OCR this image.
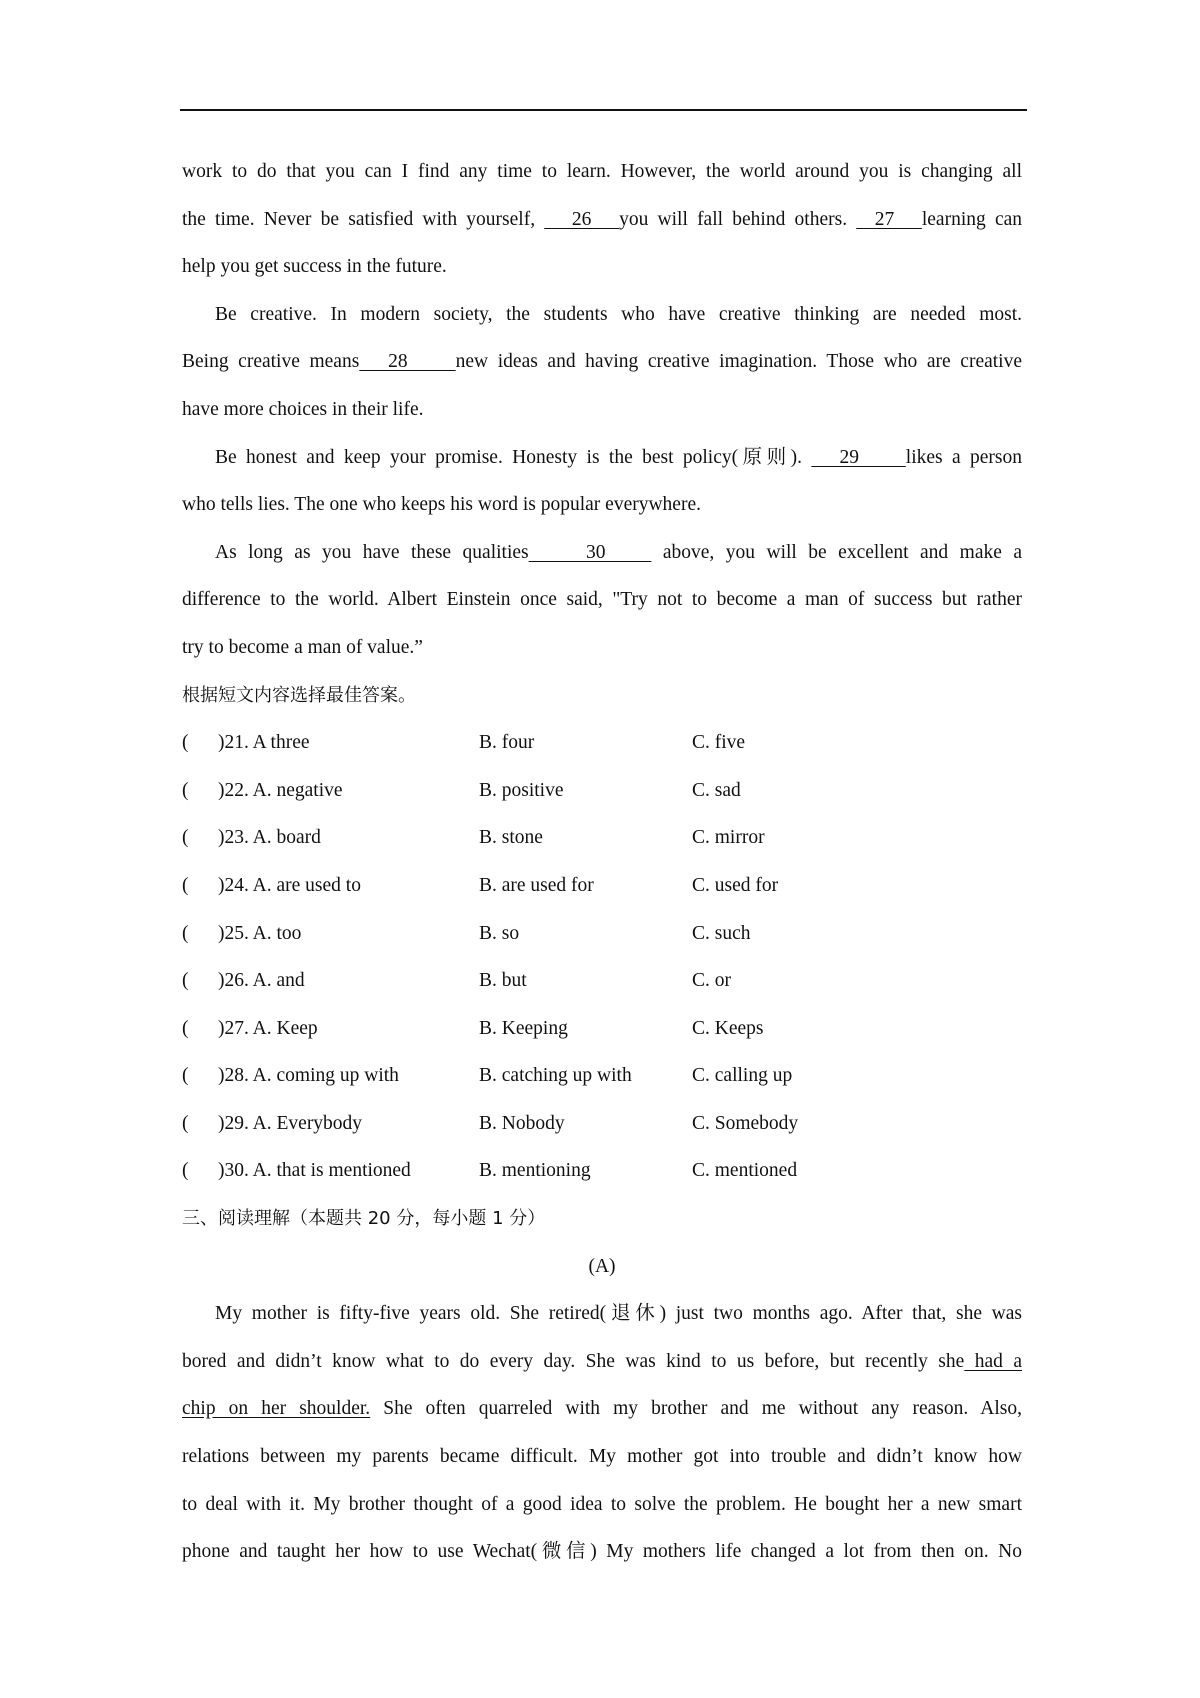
work to do that you can I find any time to learn. However, the world around you is changing all
the time. Never be satisfied with yourself,    26   you will fall behind others.   27   learning can
help you get success in the future.
Be creative. In modern society, the students who have creative thinking are needed most.
Being creative means   28     new ideas and having creative imagination. Those who are creative
have more choices in their life.
Be honest and keep your promise. Honesty is the best policy(原则).    29     likes a person
who tells lies. The one who keeps his word is popular everywhere.
As long as you have these qualities     30     above, you will be excellent and make a
difference to the world. Albert Einstein once said, "Try not to become a man of success but rather
try to become a man of value.”
根据短文内容选择最佳答案。
( )21. A three	B. four	C. five
( )22. A. negative	B. positive	C. sad
( )23. A. board	B. stone	C. mirror
( )24. A. are used to	B. are used for	C. used for
( )25. A. too	B. so	C. such
( )26. A. and	B. but	C. or
( )27. A. Keep	B. Keeping	C. Keeps
( )28. A. coming up with	B. catching up with	C. calling up
( )29. A. Everybody	B. Nobody	C. Somebody
( )30. A. that is mentioned	B. mentioning	C. mentioned
三、阅读理解（本题共 20 分，每小题 1 分）
(A)
My mother is fifty-five years old. She retired(退休) just two months ago. After that, she was
bored and didn’t know what to do every day. She was kind to us before, but recently she had a
chip on her shoulder. She often quarreled with my brother and me without any reason. Also,
relations between my parents became difficult. My mother got into trouble and didn’t know how
to deal with it. My brother thought of a good idea to solve the problem. He bought her a new smart
phone and taught her how to use Wechat(微信) My mothers life changed a lot from then on. No
